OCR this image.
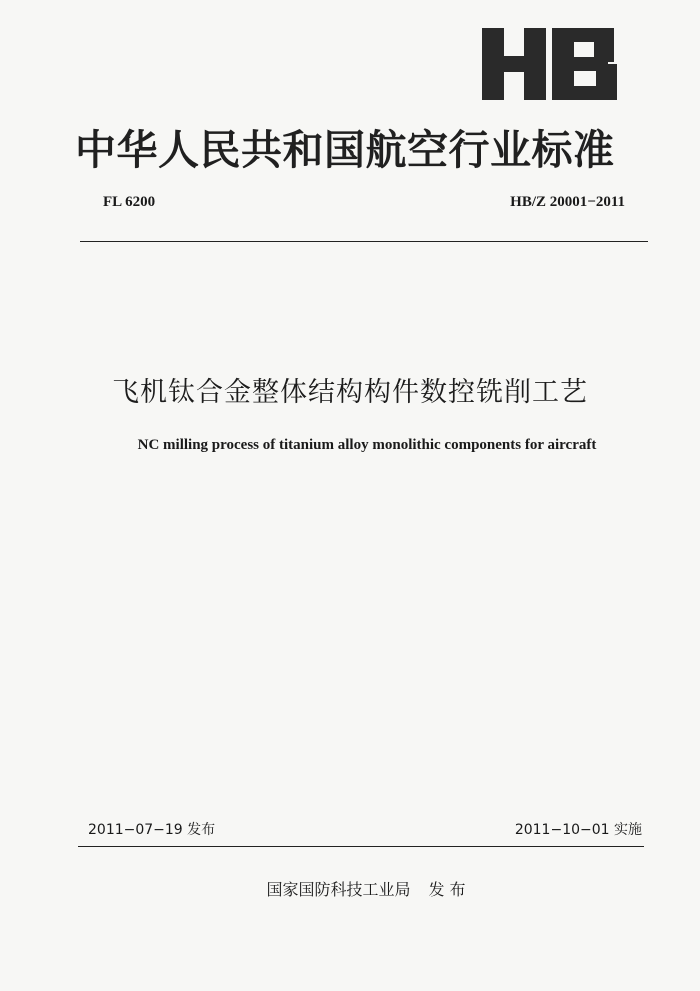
中华人民共和国航空行业标准
FL 6200	HB/Z 20001−2011
飞机钛合金整体结构构件数控铣削工艺
NC milling process of titanium alloy monolithic components for aircraft
2011−07−19 发布	2011−10−01 实施
国家国防科技工业局 发 布
